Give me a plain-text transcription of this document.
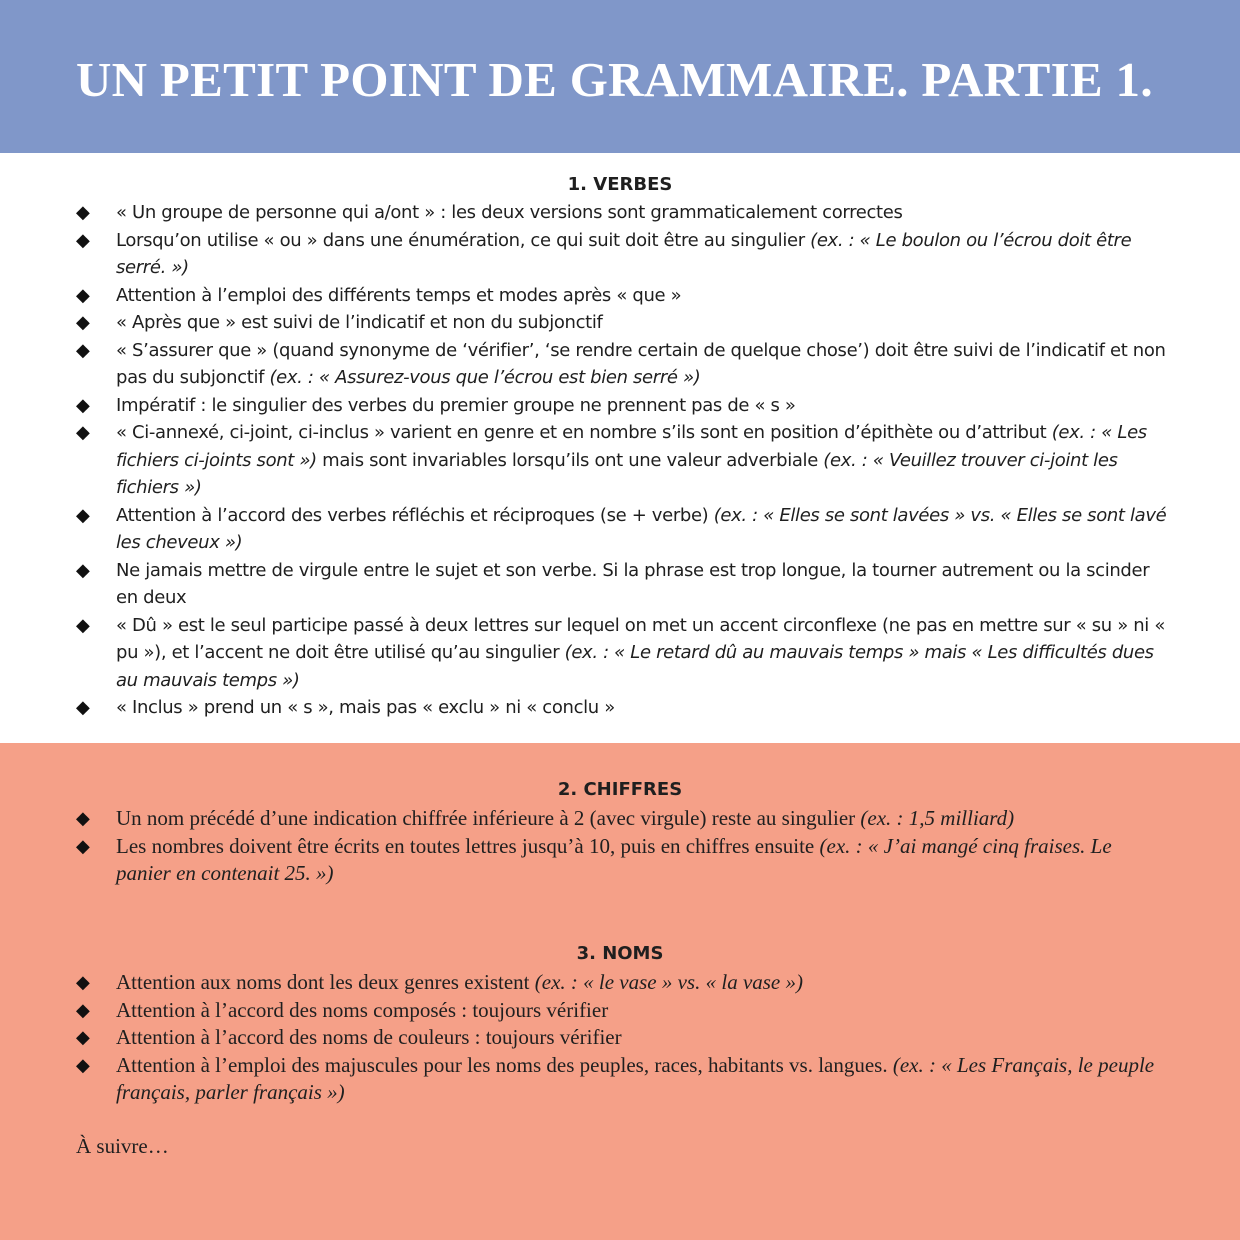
UN PETIT POINT DE GRAMMAIRE. PARTIE 1.
1. VERBES
◆ « Un groupe de personne qui a/ont » : les deux versions sont grammaticalement correctes
◆ Lorsqu’on utilise « ou » dans une énumération, ce qui suit doit être au singulier (ex. : « Le boulon ou l’écrou doit être serré. »)
◆ Attention à l’emploi des différents temps et modes après « que »
◆ « Après que » est suivi de l’indicatif et non du subjonctif
◆ « S’assurer que » (quand synonyme de ‘vérifier’, ‘se rendre certain de quelque chose’) doit être suivi de l’indicatif et non pas du subjonctif (ex. : « Assurez-vous que l’écrou est bien serré »)
◆ Impératif : le singulier des verbes du premier groupe ne prennent pas de « s »
◆ « Ci-annexé, ci-joint, ci-inclus » varient en genre et en nombre s’ils sont en position d’épithète ou d’attribut (ex. : « Les fichiers ci-joints sont ») mais sont invariables lorsqu’ils ont une valeur adverbiale (ex. : « Veuillez trouver ci-joint les fichiers »)
◆ Attention à l’accord des verbes réfléchis et réciproques (se + verbe) (ex. : « Elles se sont lavées » vs. « Elles se sont lavé les cheveux »)
◆ Ne jamais mettre de virgule entre le sujet et son verbe. Si la phrase est trop longue, la tourner autrement ou la scinder en deux
◆ « Dû » est le seul participe passé à deux lettres sur lequel on met un accent circonflexe (ne pas en mettre sur « su » ni « pu »), et l’accent ne doit être utilisé qu’au singulier (ex. : « Le retard dû au mauvais temps » mais « Les difficultés dues au mauvais temps »)
◆ « Inclus » prend un « s », mais pas « exclu » ni « conclu »
2. CHIFFRES
◆ Un nom précédé d’une indication chiffrée inférieure à 2 (avec virgule) reste au singulier (ex. : 1,5 milliard)
◆ Les nombres doivent être écrits en toutes lettres jusqu’à 10, puis en chiffres ensuite (ex. : « J’ai mangé cinq fraises. Le panier en contenait 25. »)
3. NOMS
◆ Attention aux noms dont les deux genres existent (ex. : « le vase » vs. « la vase »)
◆ Attention à l’accord des noms composés : toujours vérifier
◆ Attention à l’accord des noms de couleurs : toujours vérifier
◆ Attention à l’emploi des majuscules pour les noms des peuples, races, habitants vs. langues. (ex. : « Les Français, le peuple français, parler français »)

À suivre…
